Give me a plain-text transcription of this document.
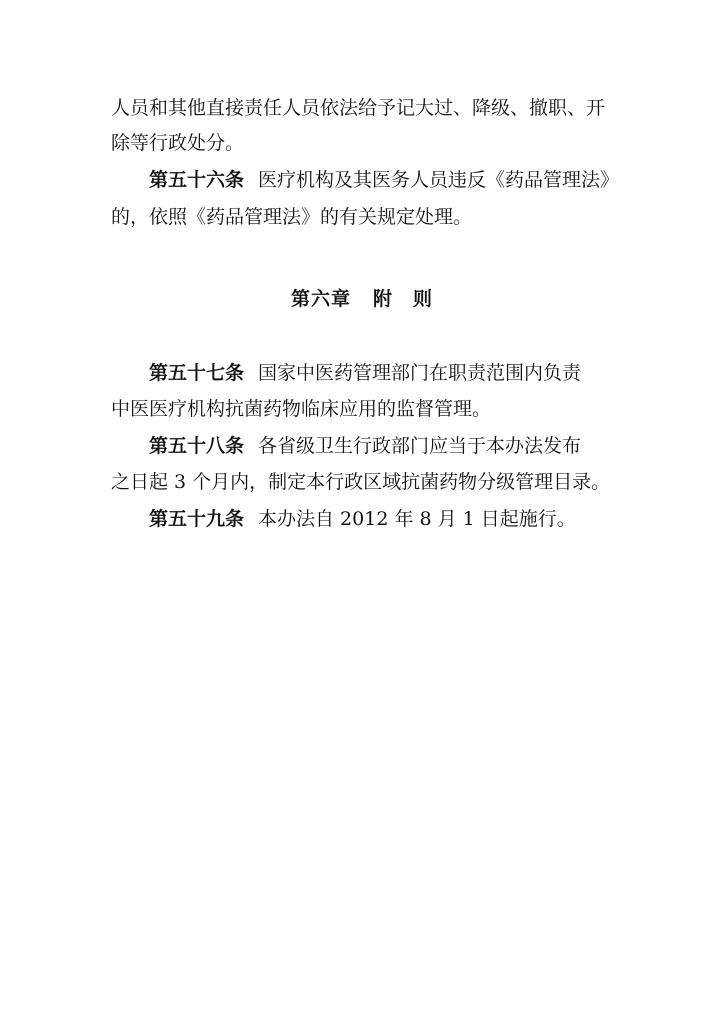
人员和其他直接责任人员依法给予记大过、降级、撤职、开
除等行政处分。
第五十六条 医疗机构及其医务人员违反《药品管理法》
的，依照《药品管理法》的有关规定处理。
第六章 附　则
第五十七条 国家中医药管理部门在职责范围内负责
中医医疗机构抗菌药物临床应用的监督管理。
第五十八条 各省级卫生行政部门应当于本办法发布
之日起 3 个月内，制定本行政区域抗菌药物分级管理目录。
第五十九条 本办法自 2012 年 8 月 1 日起施行。
